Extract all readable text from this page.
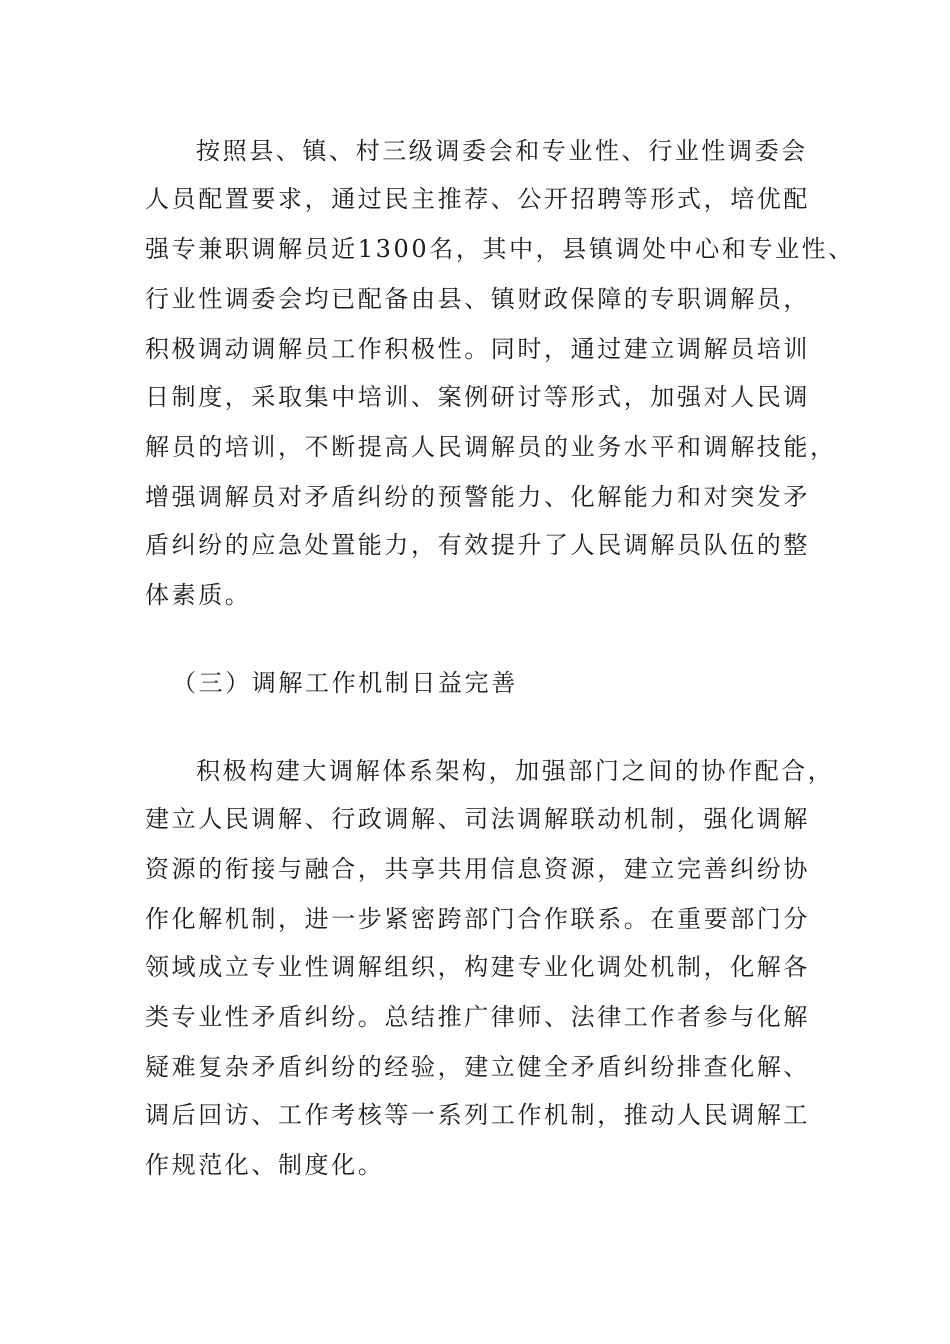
按照县、镇、村三级调委会和专业性、行业性调委会
人员配置要求，通过民主推荐、公开招聘等形式，培优配
强专兼职调解员近1300名，其中，县镇调处中心和专业性、
行业性调委会均已配备由县、镇财政保障的专职调解员，
积极调动调解员工作积极性。同时，通过建立调解员培训
日制度，采取集中培训、案例研讨等形式，加强对人民调
解员的培训，不断提高人民调解员的业务水平和调解技能，
增强调解员对矛盾纠纷的预警能力、化解能力和对突发矛
盾纠纷的应急处置能力，有效提升了人民调解员队伍的整
体素质。
（三）调解工作机制日益完善
积极构建大调解体系架构，加强部门之间的协作配合，
建立人民调解、行政调解、司法调解联动机制，强化调解
资源的衔接与融合，共享共用信息资源，建立完善纠纷协
作化解机制，进一步紧密跨部门合作联系。在重要部门分
领域成立专业性调解组织，构建专业化调处机制，化解各
类专业性矛盾纠纷。总结推广律师、法律工作者参与化解
疑难复杂矛盾纠纷的经验，建立健全矛盾纠纷排查化解、
调后回访、工作考核等一系列工作机制，推动人民调解工
作规范化、制度化。
